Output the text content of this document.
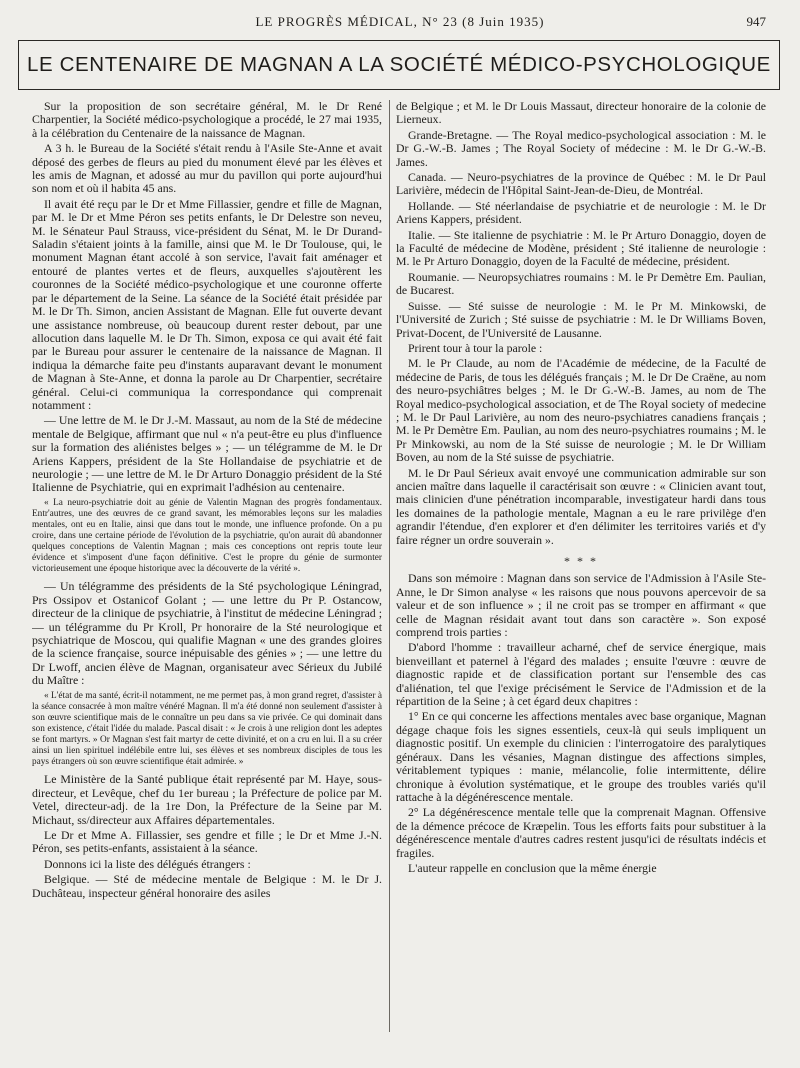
LE PROGRÈS MÉDICAL, N° 23 (8 Juin 1935)	947
LE CENTENAIRE DE MAGNAN A LA SOCIÉTÉ MÉDICO-PSYCHOLOGIQUE

Sur la proposition de son secrétaire général, M. le Dr René Charpentier, la Société médico-psychologique a procédé, le 27 mai 1935, à la célébration du Centenaire de la naissance de Magnan.

A 3 h. le Bureau de la Société s'était rendu à l'Asile Ste-Anne et avait déposé des gerbes de fleurs au pied du monument élevé par les élèves et les amis de Magnan, et adossé au mur du pavillon qui porte aujourd'hui son nom et où il habita 45 ans.

Il avait été reçu par le Dr et Mme Fillassier, gendre et fille de Magnan, par M. le Dr et Mme Péron ses petits enfants, le Dr Delestre son neveu, M. le Sénateur Paul Strauss, vice-président du Sénat, M. le Dr Durand-Saladin s'étaient joints à la famille, ainsi que M. le Dr Toulouse, qui, le monument Magnan étant accolé à son service, l'avait fait aménager et entouré de plantes vertes et de fleurs, auxquelles s'ajoutèrent les couronnes de la Société médico-psychologique et une couronne offerte par le département de la Seine. La séance de la Société était présidée par M. le Dr Th. Simon, ancien Assistant de Magnan. Elle fut ouverte devant une assistance nombreuse, où beaucoup durent rester debout, par une allocution dans laquelle M. le Dr Th. Simon, exposa ce qui avait été fait par le Bureau pour assurer le centenaire de la naissance de Magnan. Il indiqua la démarche faite peu d'instants auparavant devant le monument de Magnan à Ste-Anne, et donna la parole au Dr Charpentier, secrétaire général. Celui-ci communiqua la correspondance qui comprenait notamment :

— Une lettre de M. le Dr J.-M. Massaut, au nom de la Sté de médecine mentale de Belgique, affirmant que nul « n'a peut-être eu plus d'influence sur la formation des aliénistes belges » ; — un télégramme de M. le Dr Ariens Kappers, président de la Ste Hollandaise de psychiatrie et de neurologie ; — une lettre de M. le Dr Arturo Donaggio président de la Sté Italienne de Psychiatrie, qui en exprimait l'adhésion au centenaire.

« La neuro-psychiatrie doit au génie de Valentin Magnan des progrès fondamentaux. Entr'autres, une des œuvres de ce grand savant, les mémorables leçons sur les maladies mentales, ont eu en Italie, ainsi que dans tout le monde, une influence profonde. On a pu croire, dans une certaine période de l'évolution de la psychiatrie, qu'on aurait dû abandonner quelques conceptions de Valentin Magnan ; mais ces conceptions ont repris toute leur évidence et s'imposent d'une façon définitive. C'est le propre du génie de surmonter victorieusement une époque historique avec la découverte de la vérité ».

— Un télégramme des présidents de la Sté psychologique Léningrad, Prs Ossipov et Ostanicof Golant ; — une lettre du Pr P. Ostancow, directeur de la clinique de psychiatrie, à l'institut de médecine Léningrad ; — un télégramme du Pr Kroll, Pr honoraire de la Sté neurologique et psychiatrique de Moscou, qui qualifie Magnan « une des grandes gloires de la science française, source inépuisable des génies » ; — une lettre du Dr Lwoff, ancien élève de Magnan, organisateur avec Sérieux du Jubilé du Maître :

« L'état de ma santé, écrit-il notamment, ne me permet pas, à mon grand regret, d'assister à la séance consacrée à mon maître vénéré Magnan. Il m'a été donné non seulement d'assister à son œuvre scientifique mais de le connaître un peu dans sa vie privée. Ce qui dominait dans son existence, c'était l'idée du malade. Pascal disait : « Je crois à une religion dont les adeptes se font martyrs. » Or Magnan s'est fait martyr de cette divinité, et on a cru en lui. Il a su créer ainsi un lien spirituel indélébile entre lui, ses élèves et ses nombreux disciples de tous les pays étrangers où son œuvre scientifique était admirée. »

Le Ministère de la Santé publique était représenté par M. Haye, sous-directeur, et Levêque, chef du 1er bureau ; la Préfecture de police par M. Vetel, directeur-adj. de la 1re Don, la Préfecture de la Seine par M. Michaut, ss/directeur aux Affaires départementales.

Le Dr et Mme A. Fillassier, ses gendre et fille ; le Dr et Mme J.-N. Péron, ses petits-enfants, assistaient à la séance.

Donnons ici la liste des délégués étrangers :

Belgique. — Sté de médecine mentale de Belgique : M. le Dr J. Duchâteau, inspecteur général honoraire des asiles

de Belgique ; et M. le Dr Louis Massaut, directeur honoraire de la colonie de Lierneux.

Grande-Bretagne. — The Royal medico-psychological association : M. le Dr G.-W.-B. James ; The Royal Society of médecine : M. le Dr G.-W.-B. James.

Canada. — Neuro-psychiatres de la province de Québec : M. le Dr Paul Larivière, médecin de l'Hôpital Saint-Jean-de-Dieu, de Montréal.

Hollande. — Sté néerlandaise de psychiatrie et de neurologie : M. le Dr Ariens Kappers, président.

Italie. — Ste italienne de psychiatrie : M. le Pr Arturo Donaggio, doyen de la Faculté de médecine de Modène, président ; Sté italienne de neurologie : M. le Pr Arturo Donaggio, doyen de la Faculté de médecine, président.

Roumanie. — Neuropsychiatres roumains : M. le Pr Demètre Em. Paulian, de Bucarest.

Suisse. — Sté suisse de neurologie : M. le Pr M. Minkowski, de l'Université de Zurich ; Sté suisse de psychiatrie : M. le Dr Williams Boven, Privat-Docent, de l'Université de Lausanne.

Prirent tour à tour la parole :

M. le Pr Claude, au nom de l'Académie de médecine, de la Faculté de médecine de Paris, de tous les délégués français ; M. le Dr De Craëne, au nom des neuro-psychiâtres belges ; M. le Dr G.-W.-B. James, au nom de The Royal medico-psychological association, et de The Royal society of medecine ; M. le Dr Paul Larivière, au nom des neuro-psychiatres canadiens français ; M. le Pr Demètre Em. Paulian, au nom des neuro-psychiatres roumains ; M. le Pr Minkowski, au nom de la Sté suisse de neurologie ; M. le Dr William Boven, au nom de la Sté suisse de psychiatrie.

M. le Dr Paul Sérieux avait envoyé une communication admirable sur son ancien maître dans laquelle il caractérisait son œuvre : « Clinicien avant tout, mais clinicien d'une pénétration incomparable, investigateur hardi dans tous les domaines de la pathologie mentale, Magnan a eu le rare privilège d'en agrandir l'étendue, d'en explorer et d'en délimiter les territoires variés et d'y faire régner un ordre souverain ».

* * *

Dans son mémoire : Magnan dans son service de l'Admission à l'Asile Ste-Anne, le Dr Simon analyse « les raisons que nous pouvons apercevoir de sa valeur et de son influence » ; il ne croit pas se tromper en affirmant « que celle de Magnan résidait avant tout dans son caractère ». Son exposé comprend trois parties :

D'abord l'homme : travailleur acharné, chef de service énergique, mais bienveillant et paternel à l'égard des malades ; ensuite l'œuvre : œuvre de diagnostic rapide et de classification portant sur l'ensemble des cas d'aliénation, tel que l'exige précisément le Service de l'Admission et de la répartition de la Seine ; à cet égard deux chapitres :

1° En ce qui concerne les affections mentales avec base organique, Magnan dégage chaque fois les signes essentiels, ceux-là qui seuls impliquent un diagnostic positif. Un exemple du clinicien : l'interrogatoire des paralytiques généraux. Dans les vésanies, Magnan distingue des affections simples, véritablement typiques : manie, mélancolie, folie intermittente, délire chronique à évolution systématique, et le groupe des troubles variés qu'il rattache à la dégénérescence mentale.

2° La dégénérescence mentale telle que la comprenait Magnan. Offensive de la démence précoce de Kræpelin. Tous les efforts faits pour substituer à la dégénérescence mentale d'autres cadres restent jusqu'ici de résultats indécis et fragiles.

L'auteur rappelle en conclusion que la même énergie
